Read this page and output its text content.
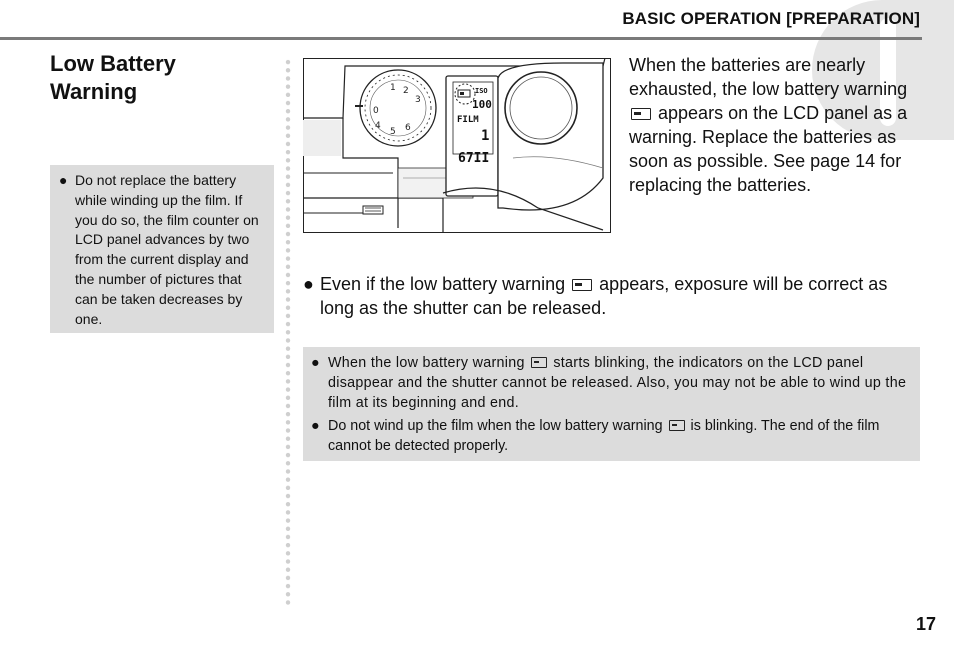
BASIC OPERATION [PREPARATION]
Low Battery Warning
● Do not replace the battery while winding up the film. If you do so, the film counter on LCD panel advances by two from the current display and the number of pictures that can be taken decreases by one.
1 2
3
0
4
5 6
ISO
100
FILM
1
67II
When the batteries are nearly exhausted, the low battery warning  appears on the LCD panel as a warning. Replace the batteries as soon as possible. See page 14 for replacing the batteries.
● Even if the low battery warning appears, exposure will be correct as long as the shutter can be released.
● When the low battery warning starts blinking, the indicators on the LCD panel disappear and the shutter cannot be released. Also, you may not be able to wind up the film at its beginning and end.
● Do not wind up the film when the low battery warning is blinking. The end of the film cannot be detected properly.
17
